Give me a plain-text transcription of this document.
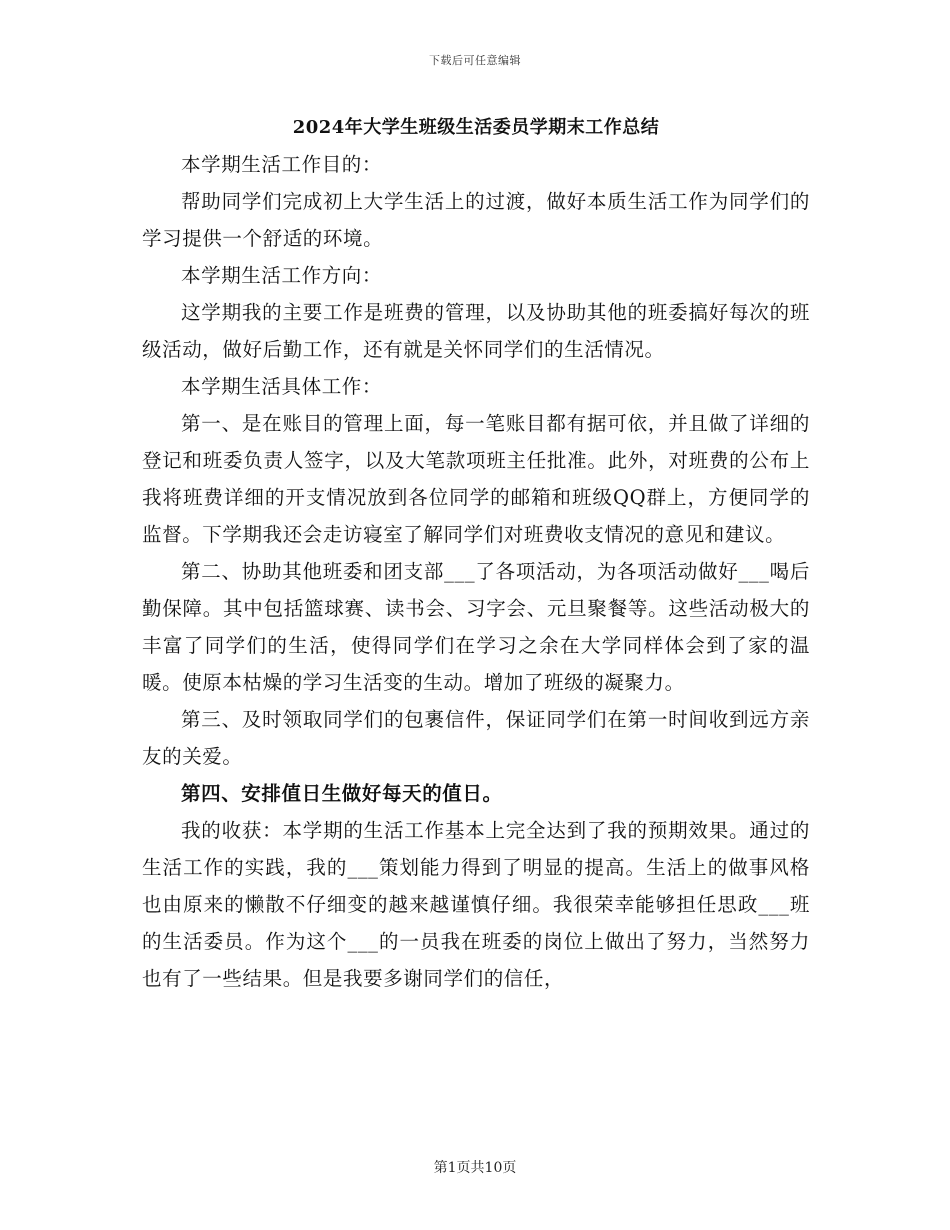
下载后可任意编辑
2024年大学生班级生活委员学期末工作总结

本学期生活工作目的：

帮助同学们完成初上大学生活上的过渡，做好本质生活工作为同学们的学习提供一个舒适的环境。

本学期生活工作方向：

这学期我的主要工作是班费的管理，以及协助其他的班委搞好每次的班级活动，做好后勤工作，还有就是关怀同学们的生活情况。

本学期生活具体工作：

第一、是在账目的管理上面，每一笔账目都有据可依，并且做了详细的登记和班委负责人签字，以及大笔款项班主任批准。此外，对班费的公布上我将班费详细的开支情况放到各位同学的邮箱和班级QQ群上，方便同学的监督。下学期我还会走访寝室了解同学们对班费收支情况的意见和建议。

第二、协助其他班委和团支部___了各项活动，为各项活动做好___喝后勤保障。其中包括篮球赛、读书会、习字会、元旦聚餐等。这些活动极大的丰富了同学们的生活，使得同学们在学习之余在大学同样体会到了家的温暖。使原本枯燥的学习生活变的生动。增加了班级的凝聚力。

第三、及时领取同学们的包裹信件，保证同学们在第一时间收到远方亲友的关爱。

第四、安排值日生做好每天的值日。

我的收获：本学期的生活工作基本上完全达到了我的预期效果。通过的生活工作的实践，我的___策划能力得到了明显的提高。生活上的做事风格也由原来的懒散不仔细变的越来越谨慎仔细。我很荣幸能够担任思政___班的生活委员。作为这个___的一员我在班委的岗位上做出了努力，当然努力也有了一些结果。但是我要多谢同学们的信任，

第1页共10页
